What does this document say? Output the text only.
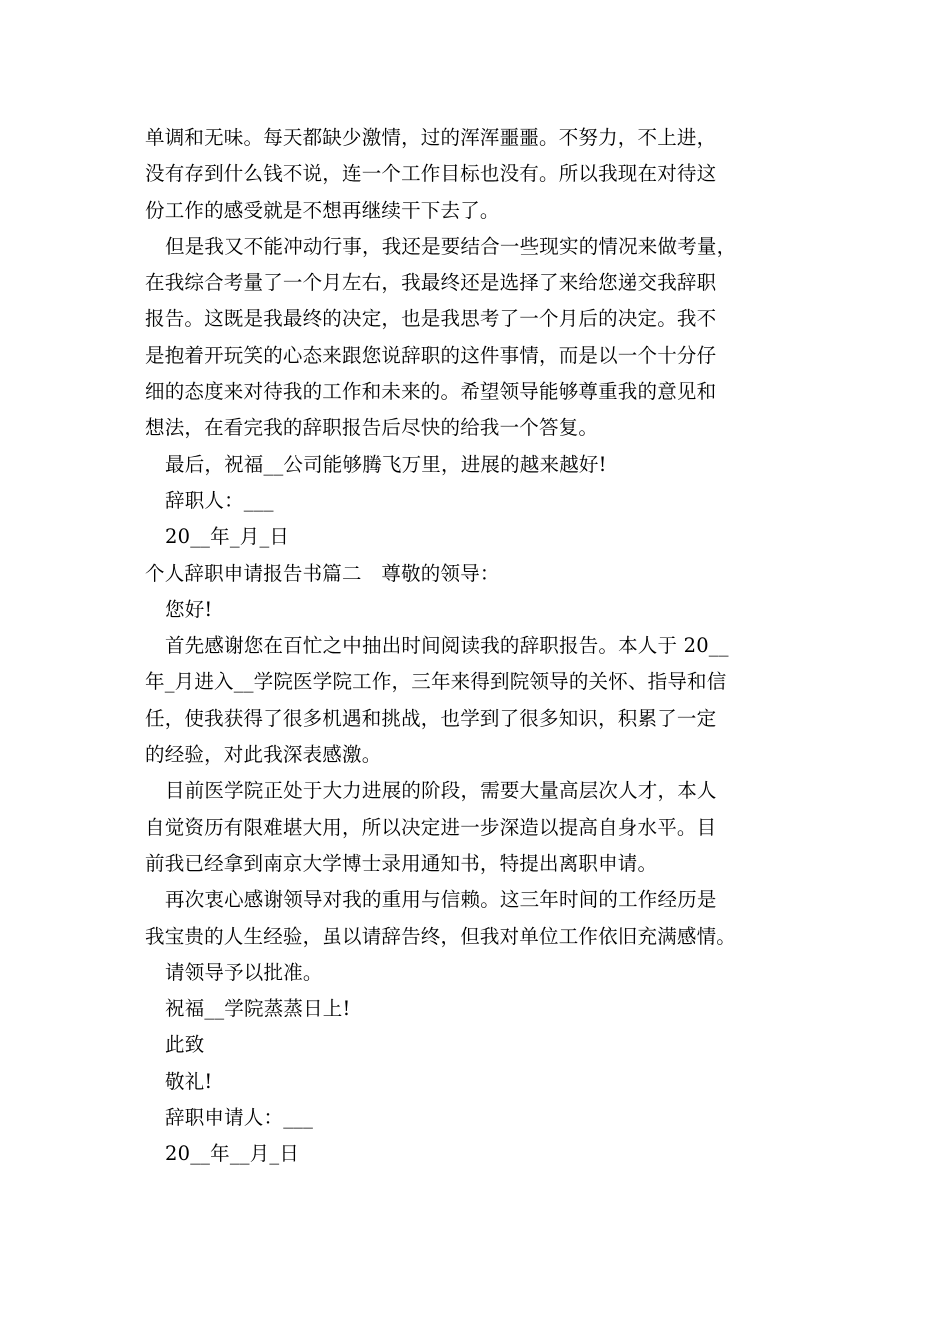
单调和无味。每天都缺少激情，过的浑浑噩噩。不努力，不上进，
没有存到什么钱不说，连一个工作目标也没有。所以我现在对待这
份工作的感受就是不想再继续干下去了。
但是我又不能冲动行事，我还是要结合一些现实的情况来做考量，
在我综合考量了一个月左右，我最终还是选择了来给您递交我辞职
报告。这既是我最终的决定，也是我思考了一个月后的决定。我不
是抱着开玩笑的心态来跟您说辞职的这件事情，而是以一个十分仔
细的态度来对待我的工作和未来的。希望领导能够尊重我的意见和
想法，在看完我的辞职报告后尽快的给我一个答复。
最后，祝福__公司能够腾飞万里，进展的越来越好!
辞职人：___
20__年_月_日
个人辞职申请报告书篇二　尊敬的领导：
您好!
首先感谢您在百忙之中抽出时间阅读我的辞职报告。本人于 20__
年_月进入__学院医学院工作，三年来得到院领导的关怀、指导和信
任，使我获得了很多机遇和挑战，也学到了很多知识，积累了一定
的经验，对此我深表感激。
目前医学院正处于大力进展的阶段，需要大量高层次人才，本人
自觉资历有限难堪大用，所以决定进一步深造以提高自身水平。目
前我已经拿到南京大学博士录用通知书，特提出离职申请。
再次衷心感谢领导对我的重用与信赖。这三年时间的工作经历是
我宝贵的人生经验，虽以请辞告终，但我对单位工作依旧充满感情。
请领导予以批准。
祝福__学院蒸蒸日上!
此致
敬礼!
辞职申请人：___
20__年__月_日
